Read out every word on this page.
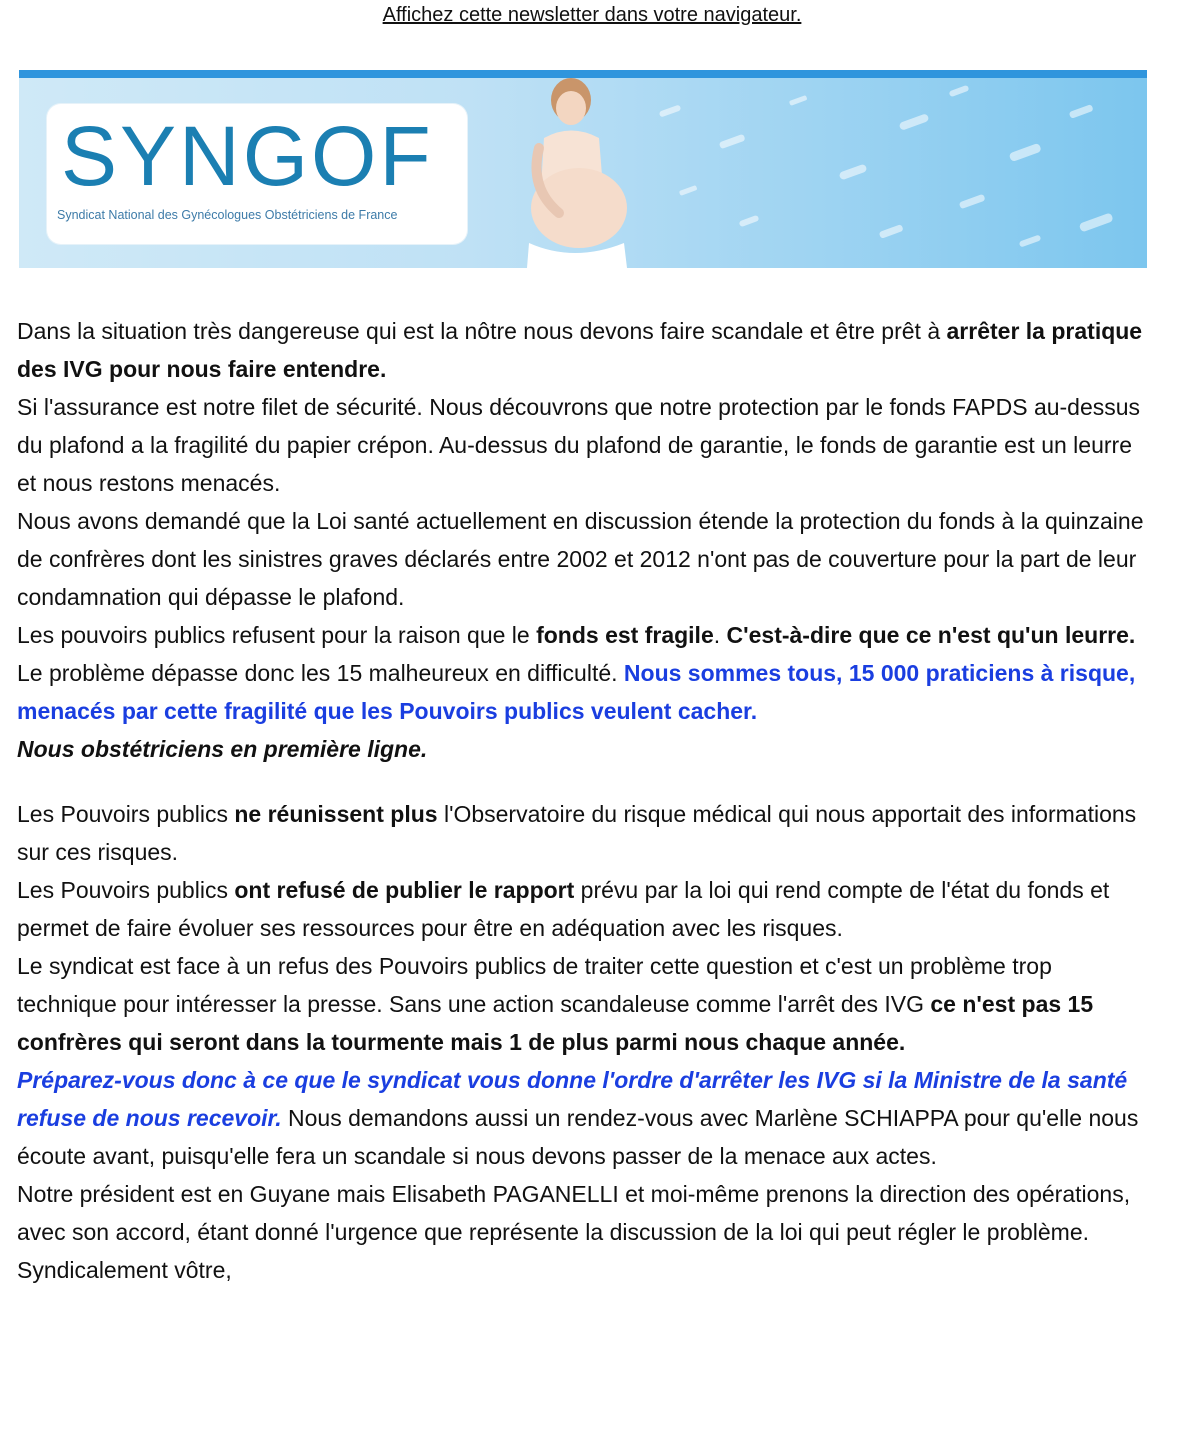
Affichez cette newsletter dans votre navigateur.
SYNGOF
Syndicat National des Gynécologues Obstétriciens de France

Dans la situation très dangereuse qui est la nôtre nous devons faire scandale et être prêt à arrêter la pratique des IVG pour nous faire entendre.

Si l'assurance est notre filet de sécurité. Nous découvrons que notre protection par le fonds FAPDS au-dessus du plafond a la fragilité du papier crépon. Au-dessus du plafond de garantie, le fonds de garantie est un leurre et nous restons menacés.

Nous avons demandé que la Loi santé actuellement en discussion étende la protection du fonds à la quinzaine de confrères dont les sinistres graves déclarés entre 2002 et 2012 n'ont pas de couverture pour la part de leur condamnation qui dépasse le plafond.

Les pouvoirs publics refusent pour la raison que le fonds est fragile. C'est-à-dire que ce n'est qu'un leurre. Le problème dépasse donc les 15 malheureux en difficulté. Nous sommes tous, 15 000 praticiens à risque, menacés par cette fragilité que les Pouvoirs publics veulent cacher.

Nous obstétriciens en première ligne.

Les Pouvoirs publics ne réunissent plus l'Observatoire du risque médical qui nous apportait des informations sur ces risques.

Les Pouvoirs publics ont refusé de publier le rapport prévu par la loi qui rend compte de l'état du fonds et permet de faire évoluer ses ressources pour être en adéquation avec les risques.

Le syndicat est face à un refus des Pouvoirs publics de traiter cette question et c'est un problème trop technique pour intéresser la presse. Sans une action scandaleuse comme l'arrêt des IVG ce n'est pas 15 confrères qui seront dans la tourmente mais 1 de plus parmi nous chaque année.

Préparez-vous donc à ce que le syndicat vous donne l'ordre d'arrêter les IVG si la Ministre de la santé refuse de nous recevoir. Nous demandons aussi un rendez-vous avec Marlène SCHIAPPA pour qu'elle nous écoute avant, puisqu'elle fera un scandale si nous devons passer de la menace aux actes.

Notre président est en Guyane mais Elisabeth PAGANELLI et moi-même prenons la direction des opérations, avec son accord, étant donné l'urgence que représente la discussion de la loi qui peut régler le problème.

Syndicalement vôtre,
